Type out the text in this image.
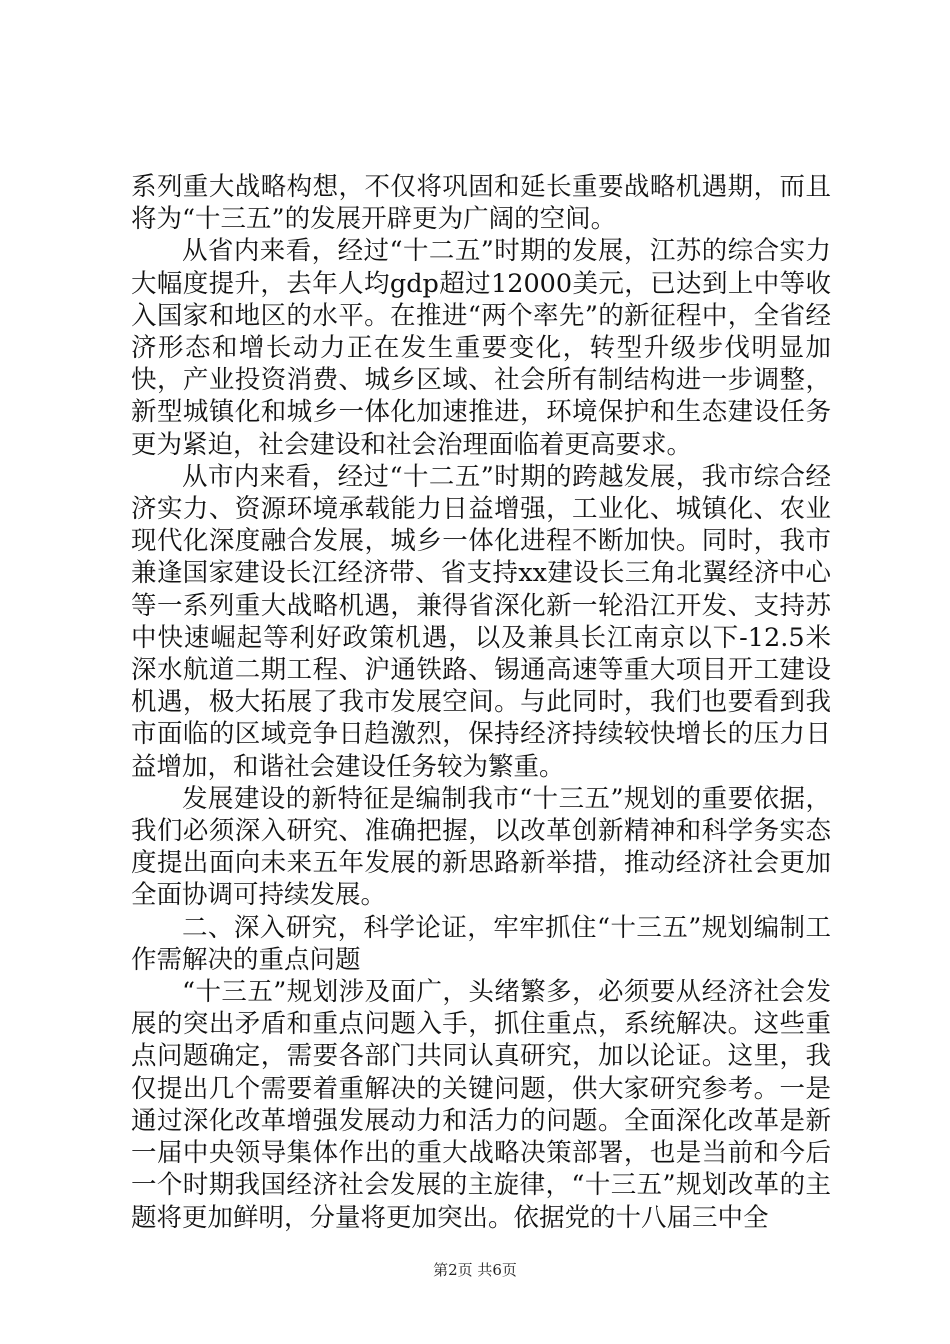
系列重大战略构想，不仅将巩固和延长重要战略机遇期，而且将为“十三五”的发展开辟更为广阔的空间。

从省内来看，经过“十二五”时期的发展，江苏的综合实力大幅度提升，去年人均gdp超过12000美元，已达到上中等收入国家和地区的水平。在推进“两个率先”的新征程中，全省经济形态和增长动力正在发生重要变化，转型升级步伐明显加快，产业投资消费、城乡区域、社会所有制结构进一步调整，新型城镇化和城乡一体化加速推进，环境保护和生态建设任务更为紧迫，社会建设和社会治理面临着更高要求。

从市内来看，经过“十二五”时期的跨越发展，我市综合经济实力、资源环境承载能力日益增强，工业化、城镇化、农业现代化深度融合发展，城乡一体化进程不断加快。同时，我市兼逢国家建设长江经济带、省支持xx建设长三角北翼经济中心等一系列重大战略机遇，兼得省深化新一轮沿江开发、支持苏中快速崛起等利好政策机遇，以及兼具长江南京以下-12.5米深水航道二期工程、沪通铁路、锡通高速等重大项目开工建设机遇，极大拓展了我市发展空间。与此同时，我们也要看到我市面临的区域竞争日趋激烈，保持经济持续较快增长的压力日益增加，和谐社会建设任务较为繁重。

发展建设的新特征是编制我市“十三五”规划的重要依据，我们必须深入研究、准确把握，以改革创新精神和科学务实态度提出面向未来五年发展的新思路新举措，推动经济社会更加全面协调可持续发展。

二、深入研究，科学论证，牢牢抓住“十三五”规划编制工作需解决的重点问题

“十三五”规划涉及面广，头绪繁多，必须要从经济社会发展的突出矛盾和重点问题入手，抓住重点，系统解决。这些重点问题确定，需要各部门共同认真研究，加以论证。这里，我仅提出几个需要着重解决的关键问题，供大家研究参考。一是通过深化改革增强发展动力和活力的问题。全面深化改革是新一届中央领导集体作出的重大战略决策部署，也是当前和今后一个时期我国经济社会发展的主旋律，“十三五”规划改革的主题将更加鲜明，分量将更加突出。依据党的十八届三中全

第2页 共6页
